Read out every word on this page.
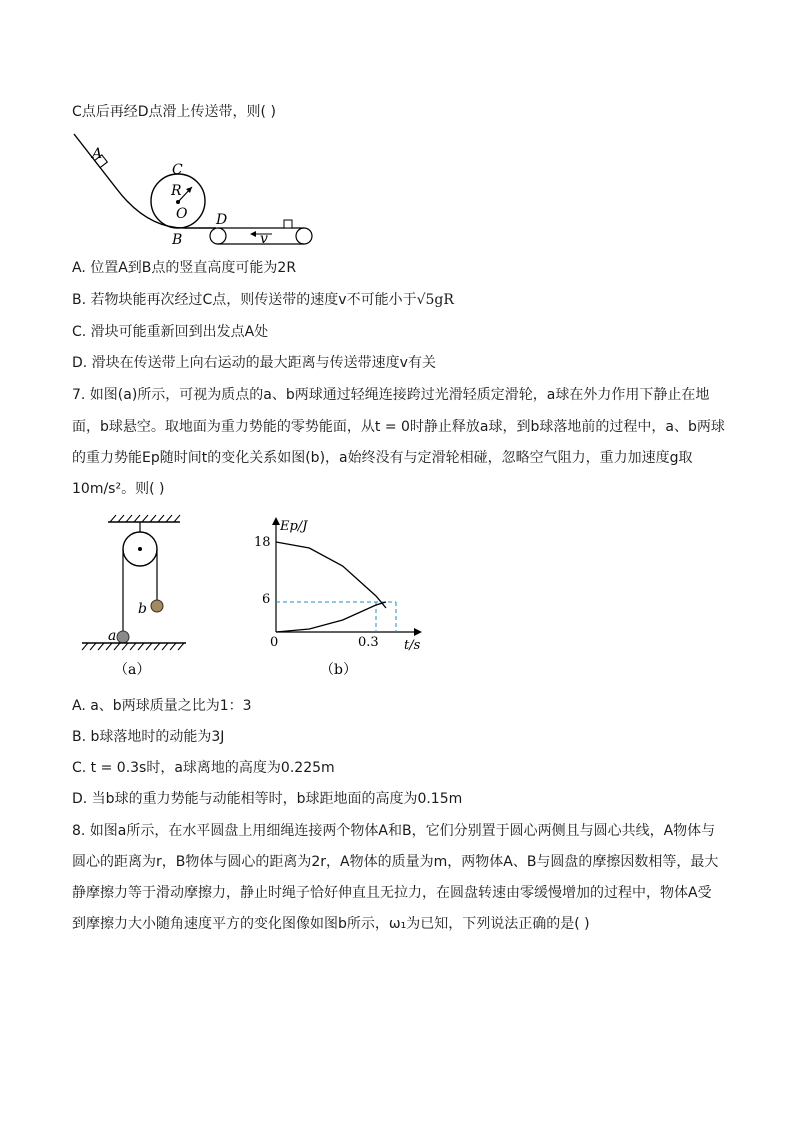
C点后再经D点滑上传送带，则( )
A
C
R
O
B
D
v
A. 位置A到B点的竖直高度可能为2R
B. 若物块能再次经过C点，则传送带的速度v不可能小于√5gR
C. 滑块可能重新回到出发点A处
D. 滑块在传送带上向右运动的最大距离与传送带速度v有关
7. 如图(a)所示，可视为质点的a、b两球通过轻绳连接跨过光滑轻质定滑轮，a球在外力作用下静止在地
面，b球悬空。取地面为重力势能的零势能面，从t = 0时静止释放a球，到b球落地前的过程中，a、b两球
的重力势能Ep随时间t的变化关系如图(b)，a始终没有与定滑轮相碰，忽略空气阻力，重力加速度g取
10m/s²。则( )
b
a
（a）
Ep/J
t/s
18
6
0	0.3
（b）
A. a、b两球质量之比为1：3
B. b球落地时的动能为3J
C. t = 0.3s时，a球离地的高度为0.225m
D. 当b球的重力势能与动能相等时，b球距地面的高度为0.15m
8. 如图a所示，在水平圆盘上用细绳连接两个物体A和B，它们分别置于圆心两侧且与圆心共线，A物体与
圆心的距离为r，B物体与圆心的距离为2r，A物体的质量为m，两物体A、B与圆盘的摩擦因数相等，最大
静摩擦力等于滑动摩擦力，静止时绳子恰好伸直且无拉力，在圆盘转速由零缓慢增加的过程中，物体A受
到摩擦力大小随角速度平方的变化图像如图b所示，ω₁为已知，下列说法正确的是( )
